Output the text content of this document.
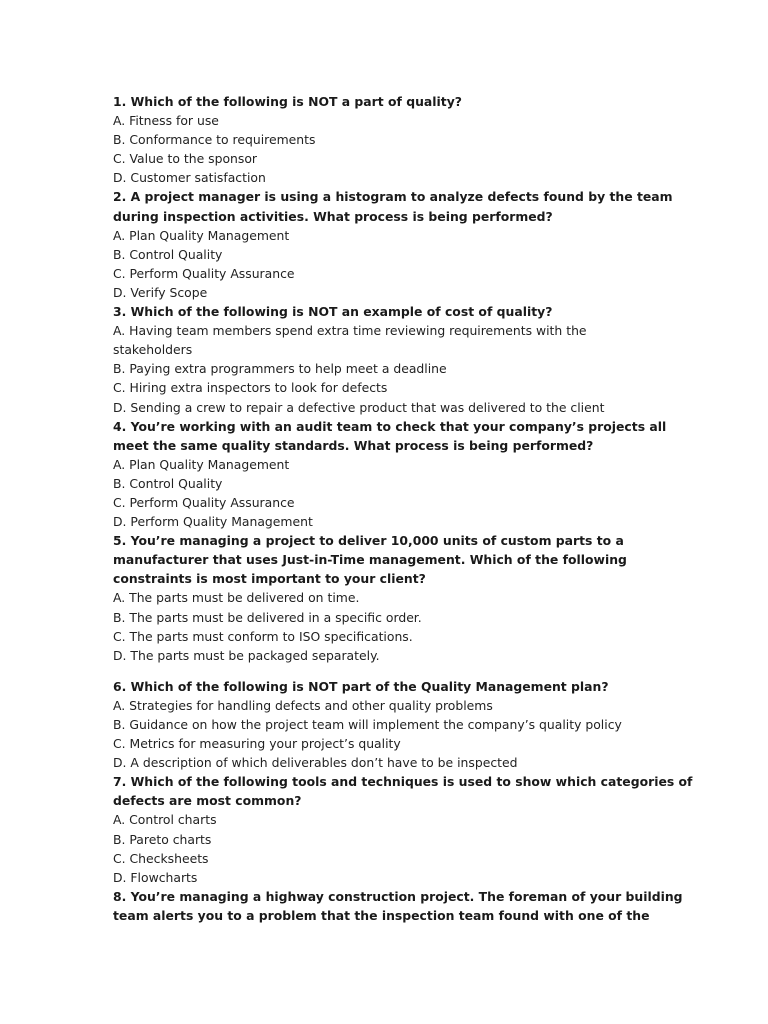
1. Which of the following is NOT a part of quality?
A. Fitness for use
B. Conformance to requirements
C. Value to the sponsor
D. Customer satisfaction
2. A project manager is using a histogram to analyze defects found by the team
during inspection activities. What process is being performed?
A. Plan Quality Management
B. Control Quality
C. Perform Quality Assurance
D. Verify Scope
3. Which of the following is NOT an example of cost of quality?
A. Having team members spend extra time reviewing requirements with the
stakeholders
B. Paying extra programmers to help meet a deadline
C. Hiring extra inspectors to look for defects
D. Sending a crew to repair a defective product that was delivered to the client
4. You’re working with an audit team to check that your company’s projects all
meet the same quality standards. What process is being performed?
A. Plan Quality Management
B. Control Quality
C. Perform Quality Assurance
D. Perform Quality Management
5. You’re managing a project to deliver 10,000 units of custom parts to a
manufacturer that uses Just-in-Time management. Which of the following
constraints is most important to your client?
A. The parts must be delivered on time.
B. The parts must be delivered in a specific order.
C. The parts must conform to ISO specifications.
D. The parts must be packaged separately.
6. Which of the following is NOT part of the Quality Management plan?
A. Strategies for handling defects and other quality problems
B. Guidance on how the project team will implement the company’s quality policy
C. Metrics for measuring your project’s quality
D. A description of which deliverables don’t have to be inspected
7. Which of the following tools and techniques is used to show which categories of
defects are most common?
A. Control charts
B. Pareto charts
C. Checksheets
D. Flowcharts
8. You’re managing a highway construction project. The foreman of your building
team alerts you to a problem that the inspection team found with one of the
